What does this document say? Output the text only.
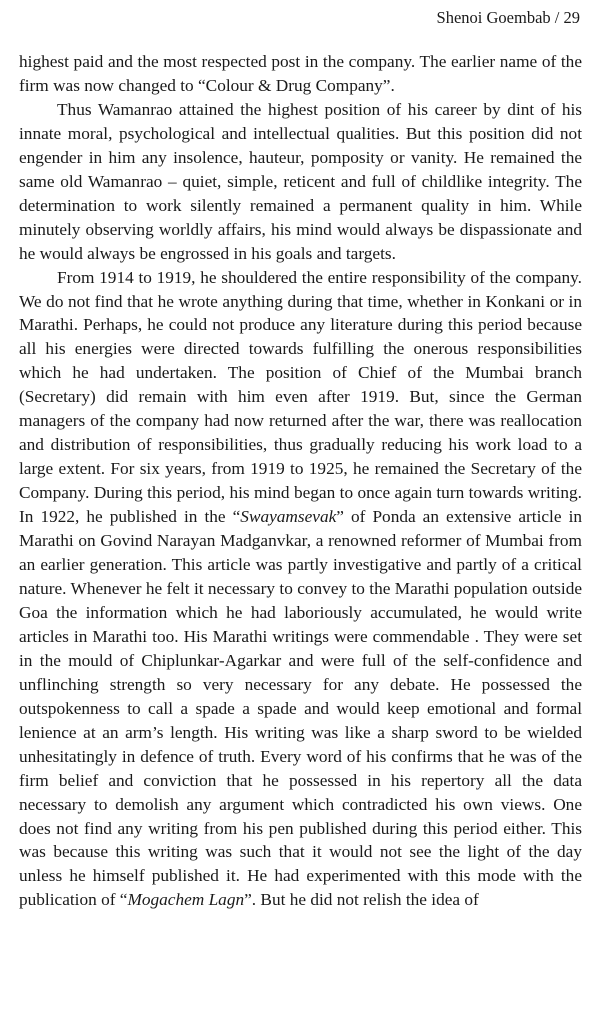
Shenoi Goembab / 29

highest paid and the most respected post in the company. The earlier name of the firm was now changed to “Colour & Drug Company”.

Thus Wamanrao attained the highest position of his career by dint of his innate moral, psychological and intellectual qualities. But this position did not engender in him any insolence, hauteur, pomposity or vanity. He remained the same old Wamanrao – quiet, simple, reticent and full of childlike integrity. The determination to work silently remained a permanent quality in him. While minutely observing worldly affairs, his mind would always be dispassionate and he would always be engrossed in his goals and targets.

From 1914 to 1919, he shouldered the entire responsibility of the company. We do not find that he wrote anything during that time, whether in Konkani or in Marathi. Perhaps, he could not produce any literature during this period because all his energies were directed towards fulfilling the onerous responsibilities which he had undertaken. The position of Chief of the Mumbai branch (Secretary) did remain with him even after 1919. But, since the German managers of the company had now returned after the war, there was reallocation and distribution of responsibilities, thus gradually reducing his work load to a large extent. For six years, from 1919 to 1925, he remained the Secretary of the Company. During this period, his mind began to once again turn towards writing. In 1922, he published in the “Swayamsevak” of Ponda an extensive article in Marathi on Govind Narayan Madganvkar, a renowned reformer of Mumbai from an earlier generation. This article was partly investigative and partly of a critical nature. Whenever he felt it necessary to convey to the Marathi population outside Goa the information which he had laboriously accumulated, he would write articles in Marathi too. His Marathi writings were commendable . They were set in the mould of Chiplunkar-Agarkar and were full of the self-confidence and unflinching strength so very necessary for any debate. He possessed the outspokenness to call a spade a spade and would keep emotional and formal lenience at an arm’s length. His writing was like a sharp sword to be wielded unhesitatingly in defence of truth. Every word of his confirms that he was of the firm belief and conviction that he possessed in his repertory all the data necessary to demolish any argument which contradicted his own views. One does not find any writing from his pen published during this period either. This was because this writing was such that it would not see the light of the day unless he himself published it. He had experimented with this mode with the publication of “Mogachem Lagn”. But he did not relish the idea of
